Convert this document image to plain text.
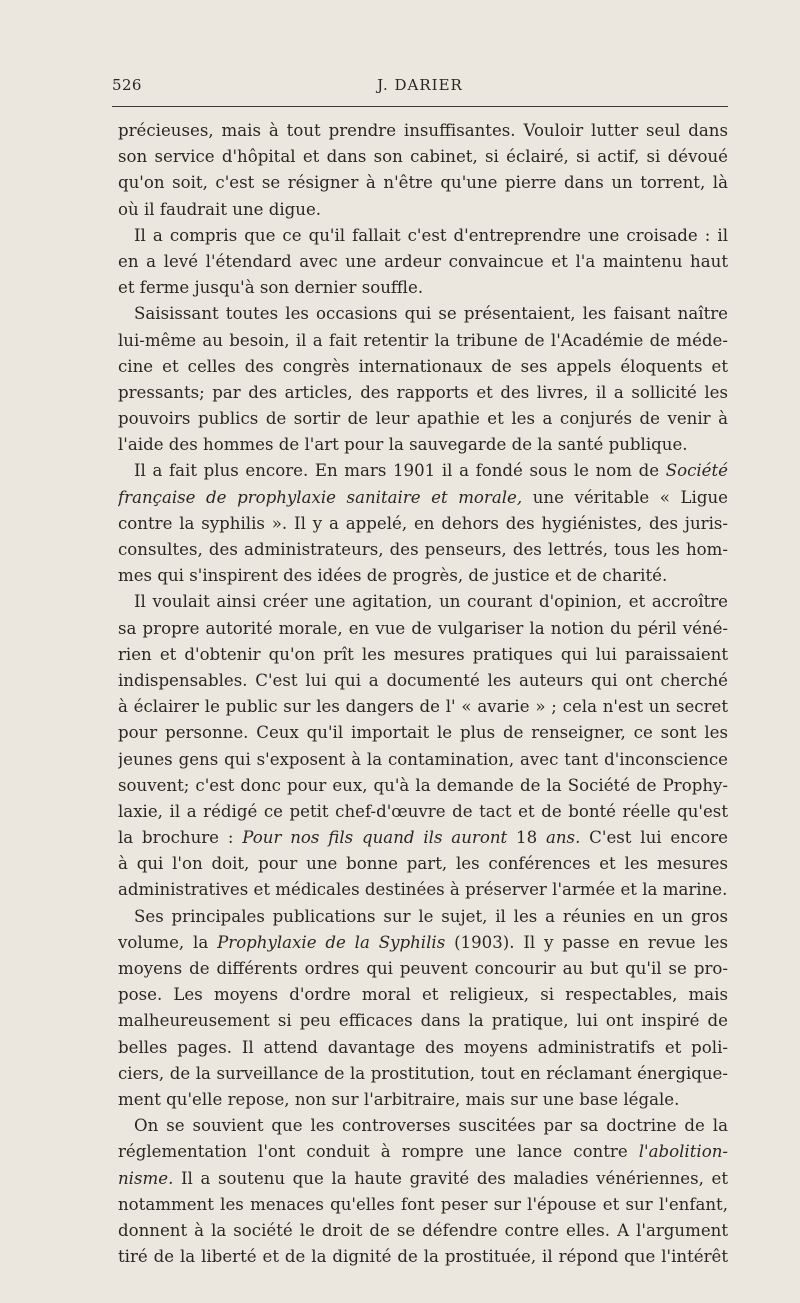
526	J. DARIER
précieuses, mais à tout prendre insuffisantes. Vouloir lutter seul dans
son service d'hôpital et dans son cabinet, si éclairé, si actif, si dévoué
qu'on soit, c'est se résigner à n'être qu'une pierre dans un torrent, là
où il faudrait une digue.
Il a compris que ce qu'il fallait c'est d'entreprendre une croisade : il
en a levé l'étendard avec une ardeur convaincue et l'a maintenu haut
et ferme jusqu'à son dernier souffle.
Saisissant toutes les occasions qui se présentaient, les faisant naître
lui-même au besoin, il a fait retentir la tribune de l'Académie de méde-
cine et celles des congrès internationaux de ses appels éloquents et
pressants; par des articles, des rapports et des livres, il a sollicité les
pouvoirs publics de sortir de leur apathie et les a conjurés de venir à
l'aide des hommes de l'art pour la sauvegarde de la santé publique.
Il a fait plus encore. En mars 1901 il a fondé sous le nom de Société
française de prophylaxie sanitaire et morale, une véritable « Ligue
contre la syphilis ». Il y a appelé, en dehors des hygiénistes, des juris-
consultes, des administrateurs, des penseurs, des lettrés, tous les hom-
mes qui s'inspirent des idées de progrès, de justice et de charité.
Il voulait ainsi créer une agitation, un courant d'opinion, et accroître
sa propre autorité morale, en vue de vulgariser la notion du péril véné-
rien et d'obtenir qu'on prît les mesures pratiques qui lui paraissaient
indispensables. C'est lui qui a documenté les auteurs qui ont cherché
à éclairer le public sur les dangers de l' « avarie » ; cela n'est un secret
pour personne. Ceux qu'il importait le plus de renseigner, ce sont les
jeunes gens qui s'exposent à la contamination, avec tant d'inconscience
souvent; c'est donc pour eux, qu'à la demande de la Société de Prophy-
laxie, il a rédigé ce petit chef-d'œuvre de tact et de bonté réelle qu'est
la brochure : Pour nos fils quand ils auront 18 ans. C'est lui encore
à qui l'on doit, pour une bonne part, les conférences et les mesures
administratives et médicales destinées à préserver l'armée et la marine.
Ses principales publications sur le sujet, il les a réunies en un gros
volume, la Prophylaxie de la Syphilis (1903). Il y passe en revue les
moyens de différents ordres qui peuvent concourir au but qu'il se pro-
pose. Les moyens d'ordre moral et religieux, si respectables, mais
malheureusement si peu efficaces dans la pratique, lui ont inspiré de
belles pages. Il attend davantage des moyens administratifs et poli-
ciers, de la surveillance de la prostitution, tout en réclamant énergique-
ment qu'elle repose, non sur l'arbitraire, mais sur une base légale.
On se souvient que les controverses suscitées par sa doctrine de la
réglementation l'ont conduit à rompre une lance contre l'abolition-
nisme. Il a soutenu que la haute gravité des maladies vénériennes, et
notamment les menaces qu'elles font peser sur l'épouse et sur l'enfant,
donnent à la société le droit de se défendre contre elles. A l'argument
tiré de la liberté et de la dignité de la prostituée, il répond que l'intérêt
